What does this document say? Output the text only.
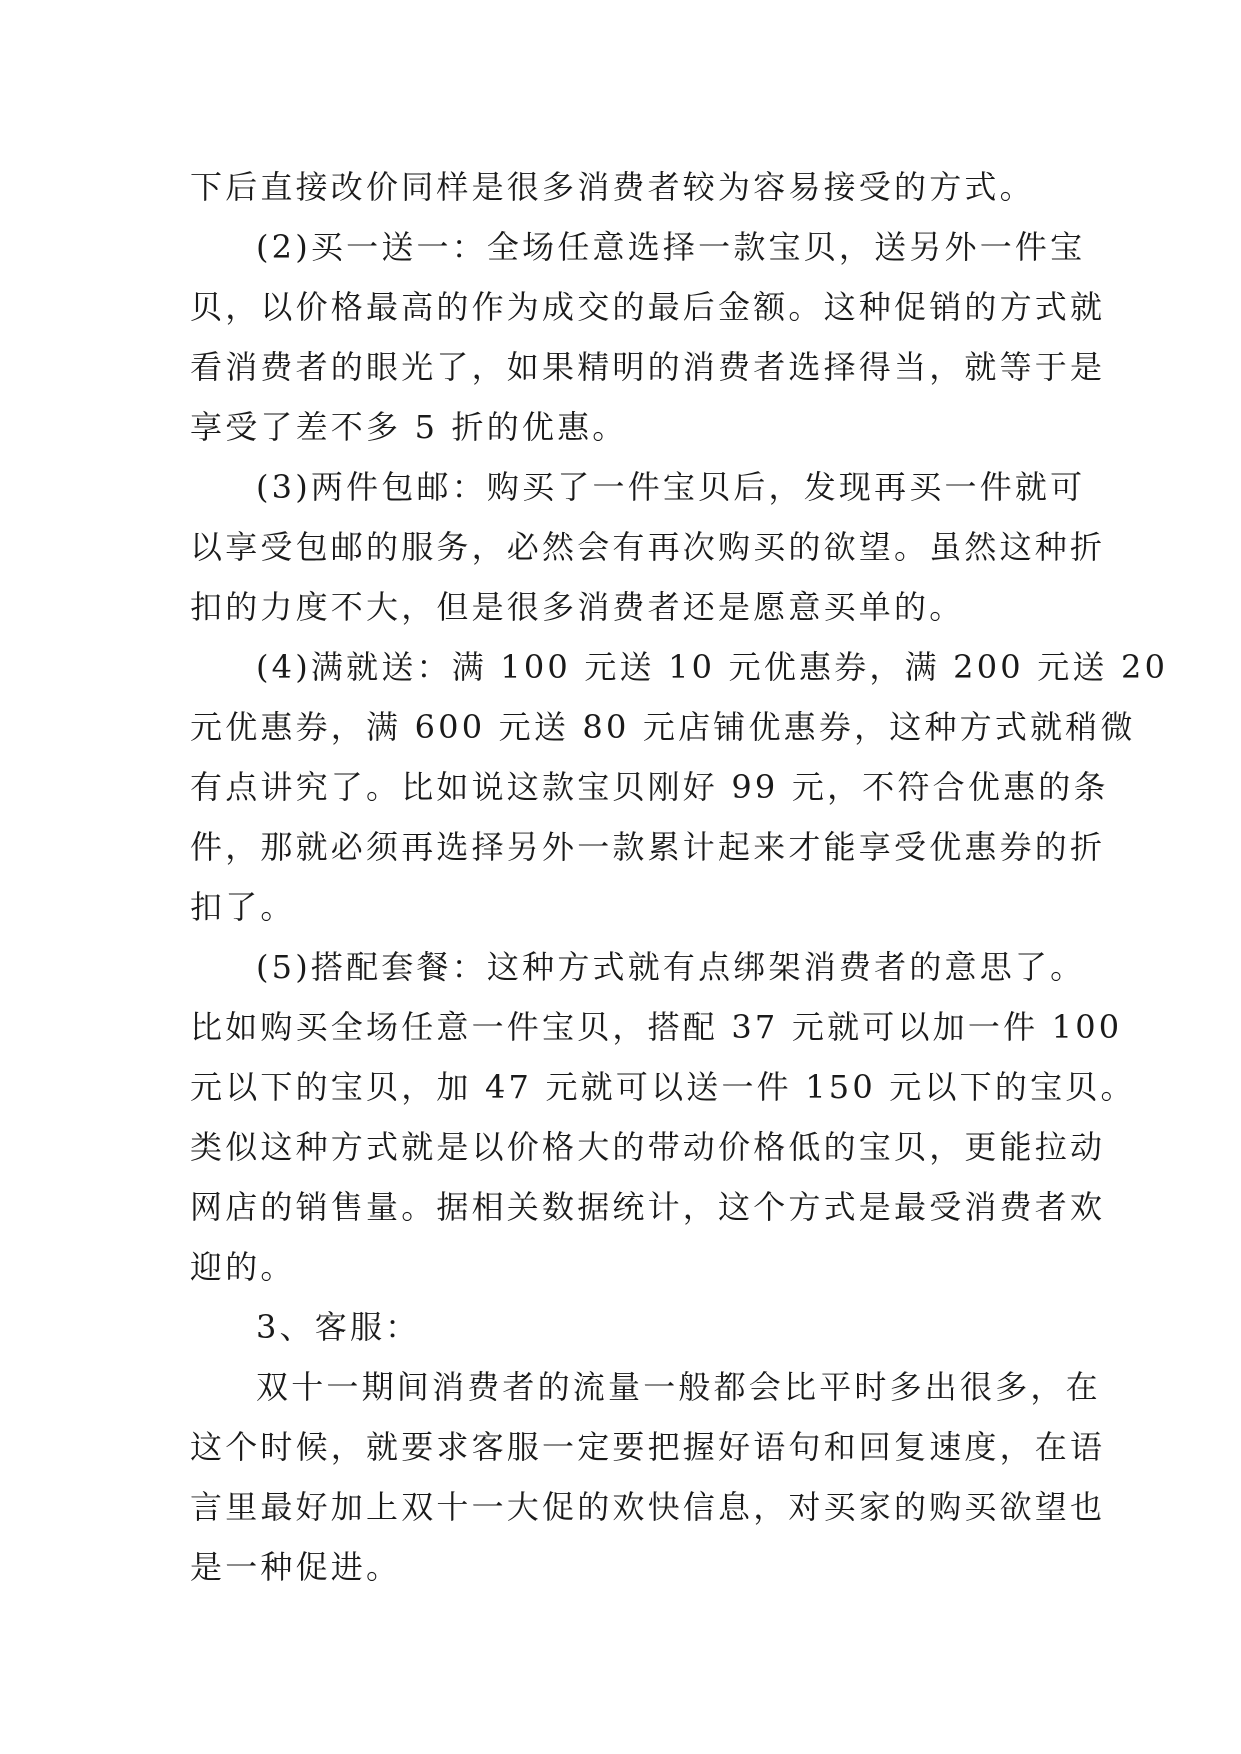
下后直接改价同样是很多消费者较为容易接受的方式。
(2)买一送一：全场任意选择一款宝贝，送另外一件宝
贝，以价格最高的作为成交的最后金额。这种促销的方式就
看消费者的眼光了，如果精明的消费者选择得当，就等于是
享受了差不多 5 折的优惠。
(3)两件包邮：购买了一件宝贝后，发现再买一件就可
以享受包邮的服务，必然会有再次购买的欲望。虽然这种折
扣的力度不大，但是很多消费者还是愿意买单的。
(4)满就送：满 100 元送 10 元优惠券，满 200 元送 20
元优惠券，满 600 元送 80 元店铺优惠券，这种方式就稍微
有点讲究了。比如说这款宝贝刚好 99 元，不符合优惠的条
件，那就必须再选择另外一款累计起来才能享受优惠券的折
扣了。
(5)搭配套餐：这种方式就有点绑架消费者的意思了。
比如购买全场任意一件宝贝，搭配 37 元就可以加一件 100
元以下的宝贝，加 47 元就可以送一件 150 元以下的宝贝。
类似这种方式就是以价格大的带动价格低的宝贝，更能拉动
网店的销售量。据相关数据统计，这个方式是最受消费者欢
迎的。
3、客服：
双十一期间消费者的流量一般都会比平时多出很多，在
这个时候，就要求客服一定要把握好语句和回复速度，在语
言里最好加上双十一大促的欢快信息，对买家的购买欲望也
是一种促进。
